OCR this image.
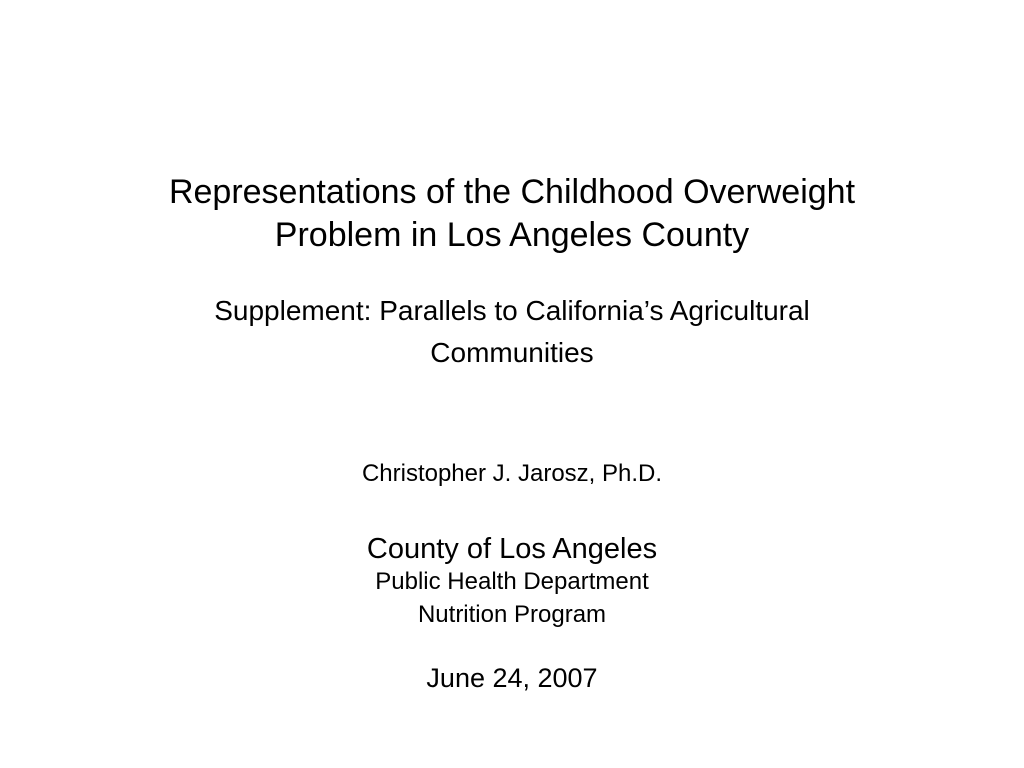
Representations of the Childhood Overweight
Problem in Los Angeles County
Supplement: Parallels to California’s Agricultural
Communities
Christopher J. Jarosz, Ph.D.
County of Los Angeles
Public Health Department
Nutrition Program
June 24, 2007
